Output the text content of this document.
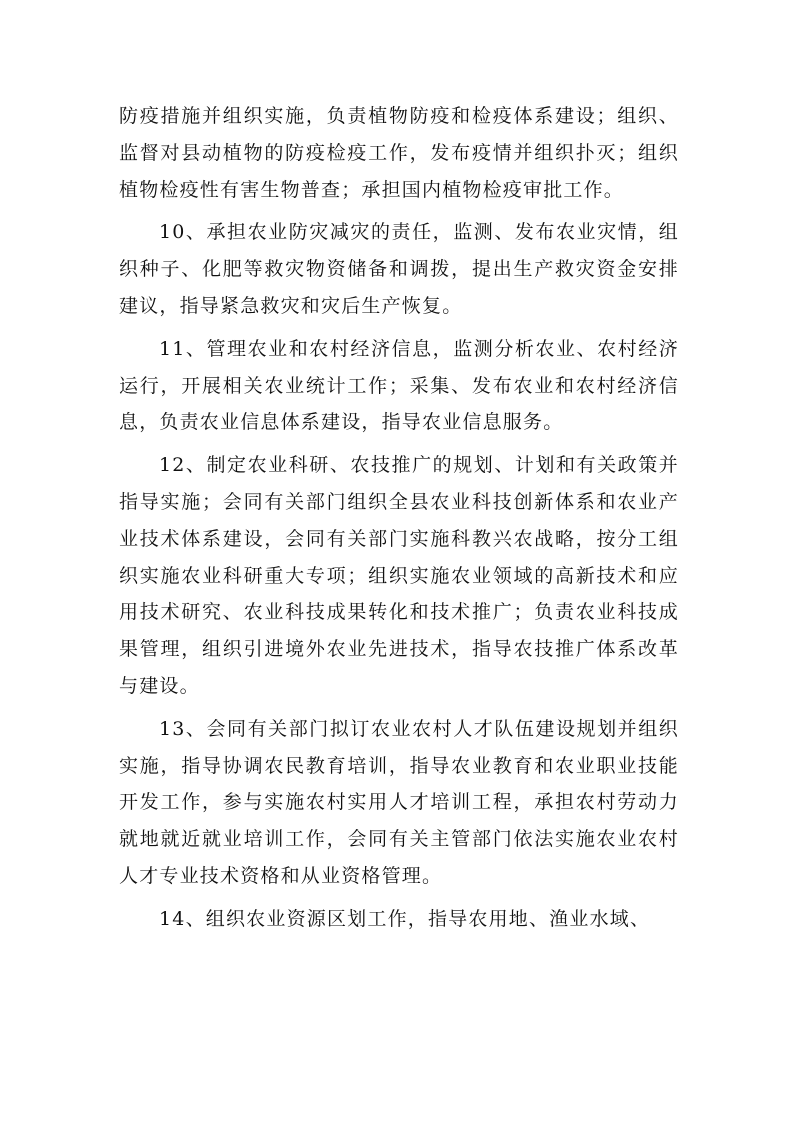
防疫措施并组织实施，负责植物防疫和检疫体系建设；组织、监督对县动植物的防疫检疫工作，发布疫情并组织扑灭；组织植物检疫性有害生物普查；承担国内植物检疫审批工作。

10、承担农业防灾减灾的责任，监测、发布农业灾情，组织种子、化肥等救灾物资储备和调拨，提出生产救灾资金安排建议，指导紧急救灾和灾后生产恢复。

11、管理农业和农村经济信息，监测分析农业、农村经济运行，开展相关农业统计工作；采集、发布农业和农村经济信息，负责农业信息体系建设，指导农业信息服务。

12、制定农业科研、农技推广的规划、计划和有关政策并指导实施；会同有关部门组织全县农业科技创新体系和农业产业技术体系建设，会同有关部门实施科教兴农战略，按分工组织实施农业科研重大专项；组织实施农业领域的高新技术和应用技术研究、农业科技成果转化和技术推广；负责农业科技成果管理，组织引进境外农业先进技术，指导农技推广体系改革与建设。

13、会同有关部门拟订农业农村人才队伍建设规划并组织实施，指导协调农民教育培训，指导农业教育和农业职业技能开发工作，参与实施农村实用人才培训工程，承担农村劳动力就地就近就业培训工作，会同有关主管部门依法实施农业农村人才专业技术资格和从业资格管理。

14、组织农业资源区划工作，指导农用地、渔业水域、
